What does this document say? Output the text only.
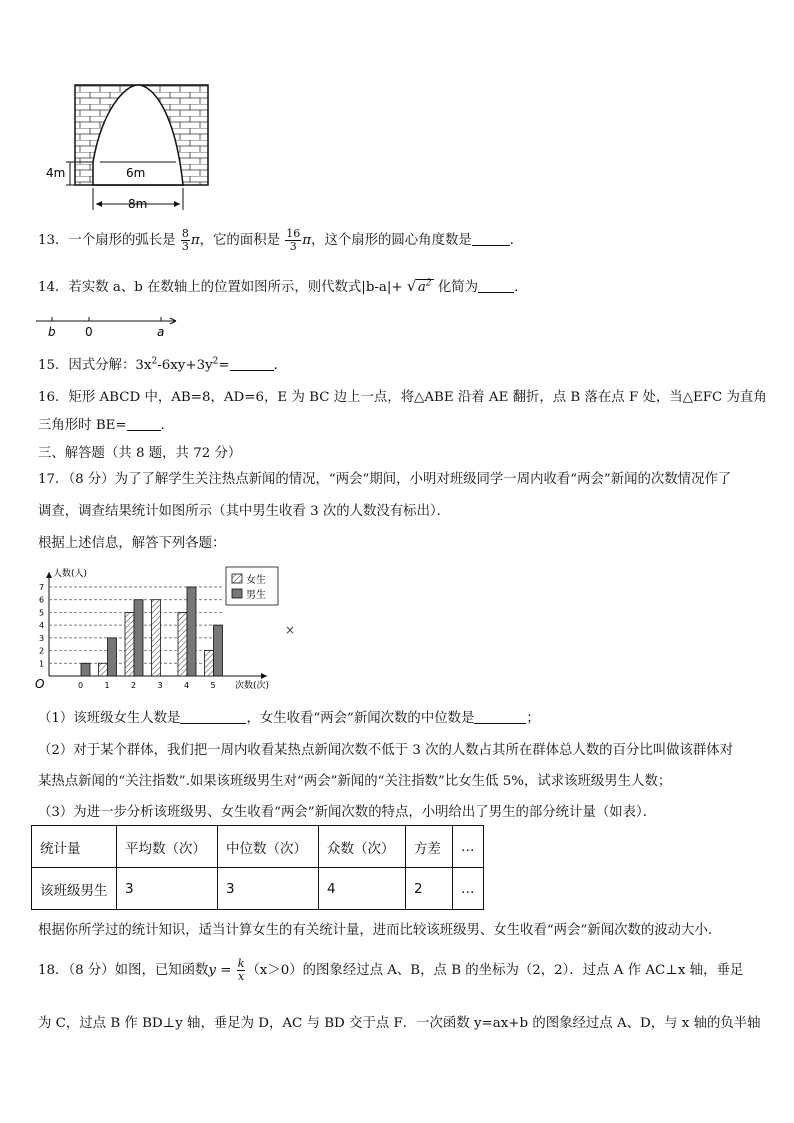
4m	6m
8m
13．一个扇形的弧长是 $\frac{8}{3}$ π，它的面积是 $\frac{16}{3}$ π，这个扇形的圆心角度数是	．
14．若实数 a、b 在数轴上的位置如图所示，则代数式|b-a|+ √ $a^2$ 化简为	．
b 0	a
15．因式分解：$3x^2-6xy+3y^2=$	．
16．矩形 ABCD 中，AB=8，AD=6，E 为 BC 边上一点，将△ABE 沿着 AE 翻折，点 B 落在点 F 处，当△EFC 为直角
三角形时 BE=	．
三、解答题（共 8 题，共 72 分）
17．（8 分）为了了解学生关注热点新闻的情况，“两会”期间，小明对班级同学一周内收看“两会”新闻的次数情况作了
调查，调查结果统计如图所示（其中男生收看 3 次的人数没有标出）．
根据上述信息，解答下列各题：
O
人数(人)
次数(次)
1
2
3
4
5
6
7
0	1	2	3	4	5
女生
男生
×
（1）该班级女生人数是	，女生收看“两会”新闻次数的中位数是	；
（2）对于某个群体，我们把一周内收看某热点新闻次数不低于 3 次的人数占其所在群体总人数的百分比叫做该群体对
某热点新闻的“关注指数”.如果该班级男生对“两会”新闻的“关注指数”比女生低 5%，试求该班级男生人数；
（3）为进一步分析该班级男、女生收看“两会”新闻次数的特点，小明给出了男生的部分统计量（如表）．
统计量	平均数（次）	中位数（次）	众数（次）	方差	…
该班级男生	3	3	4	2	…
根据你所学过的统计知识，适当计算女生的有关统计量，进而比较该班级男、女生收看“两会”新闻次数的波动大小.
18．（8 分）如图，已知函数$y = \frac{k}{x} (x>0)$的图象经过点 A、B，点 B 的坐标为（2，2）．过点 A 作 AC⊥x 轴，垂足
为 C，过点 B 作 BD⊥y 轴，垂足为 D，AC 与 BD 交于点 F．一次函数 y=ax+b 的图象经过点 A、D，与 x 轴的负半轴
